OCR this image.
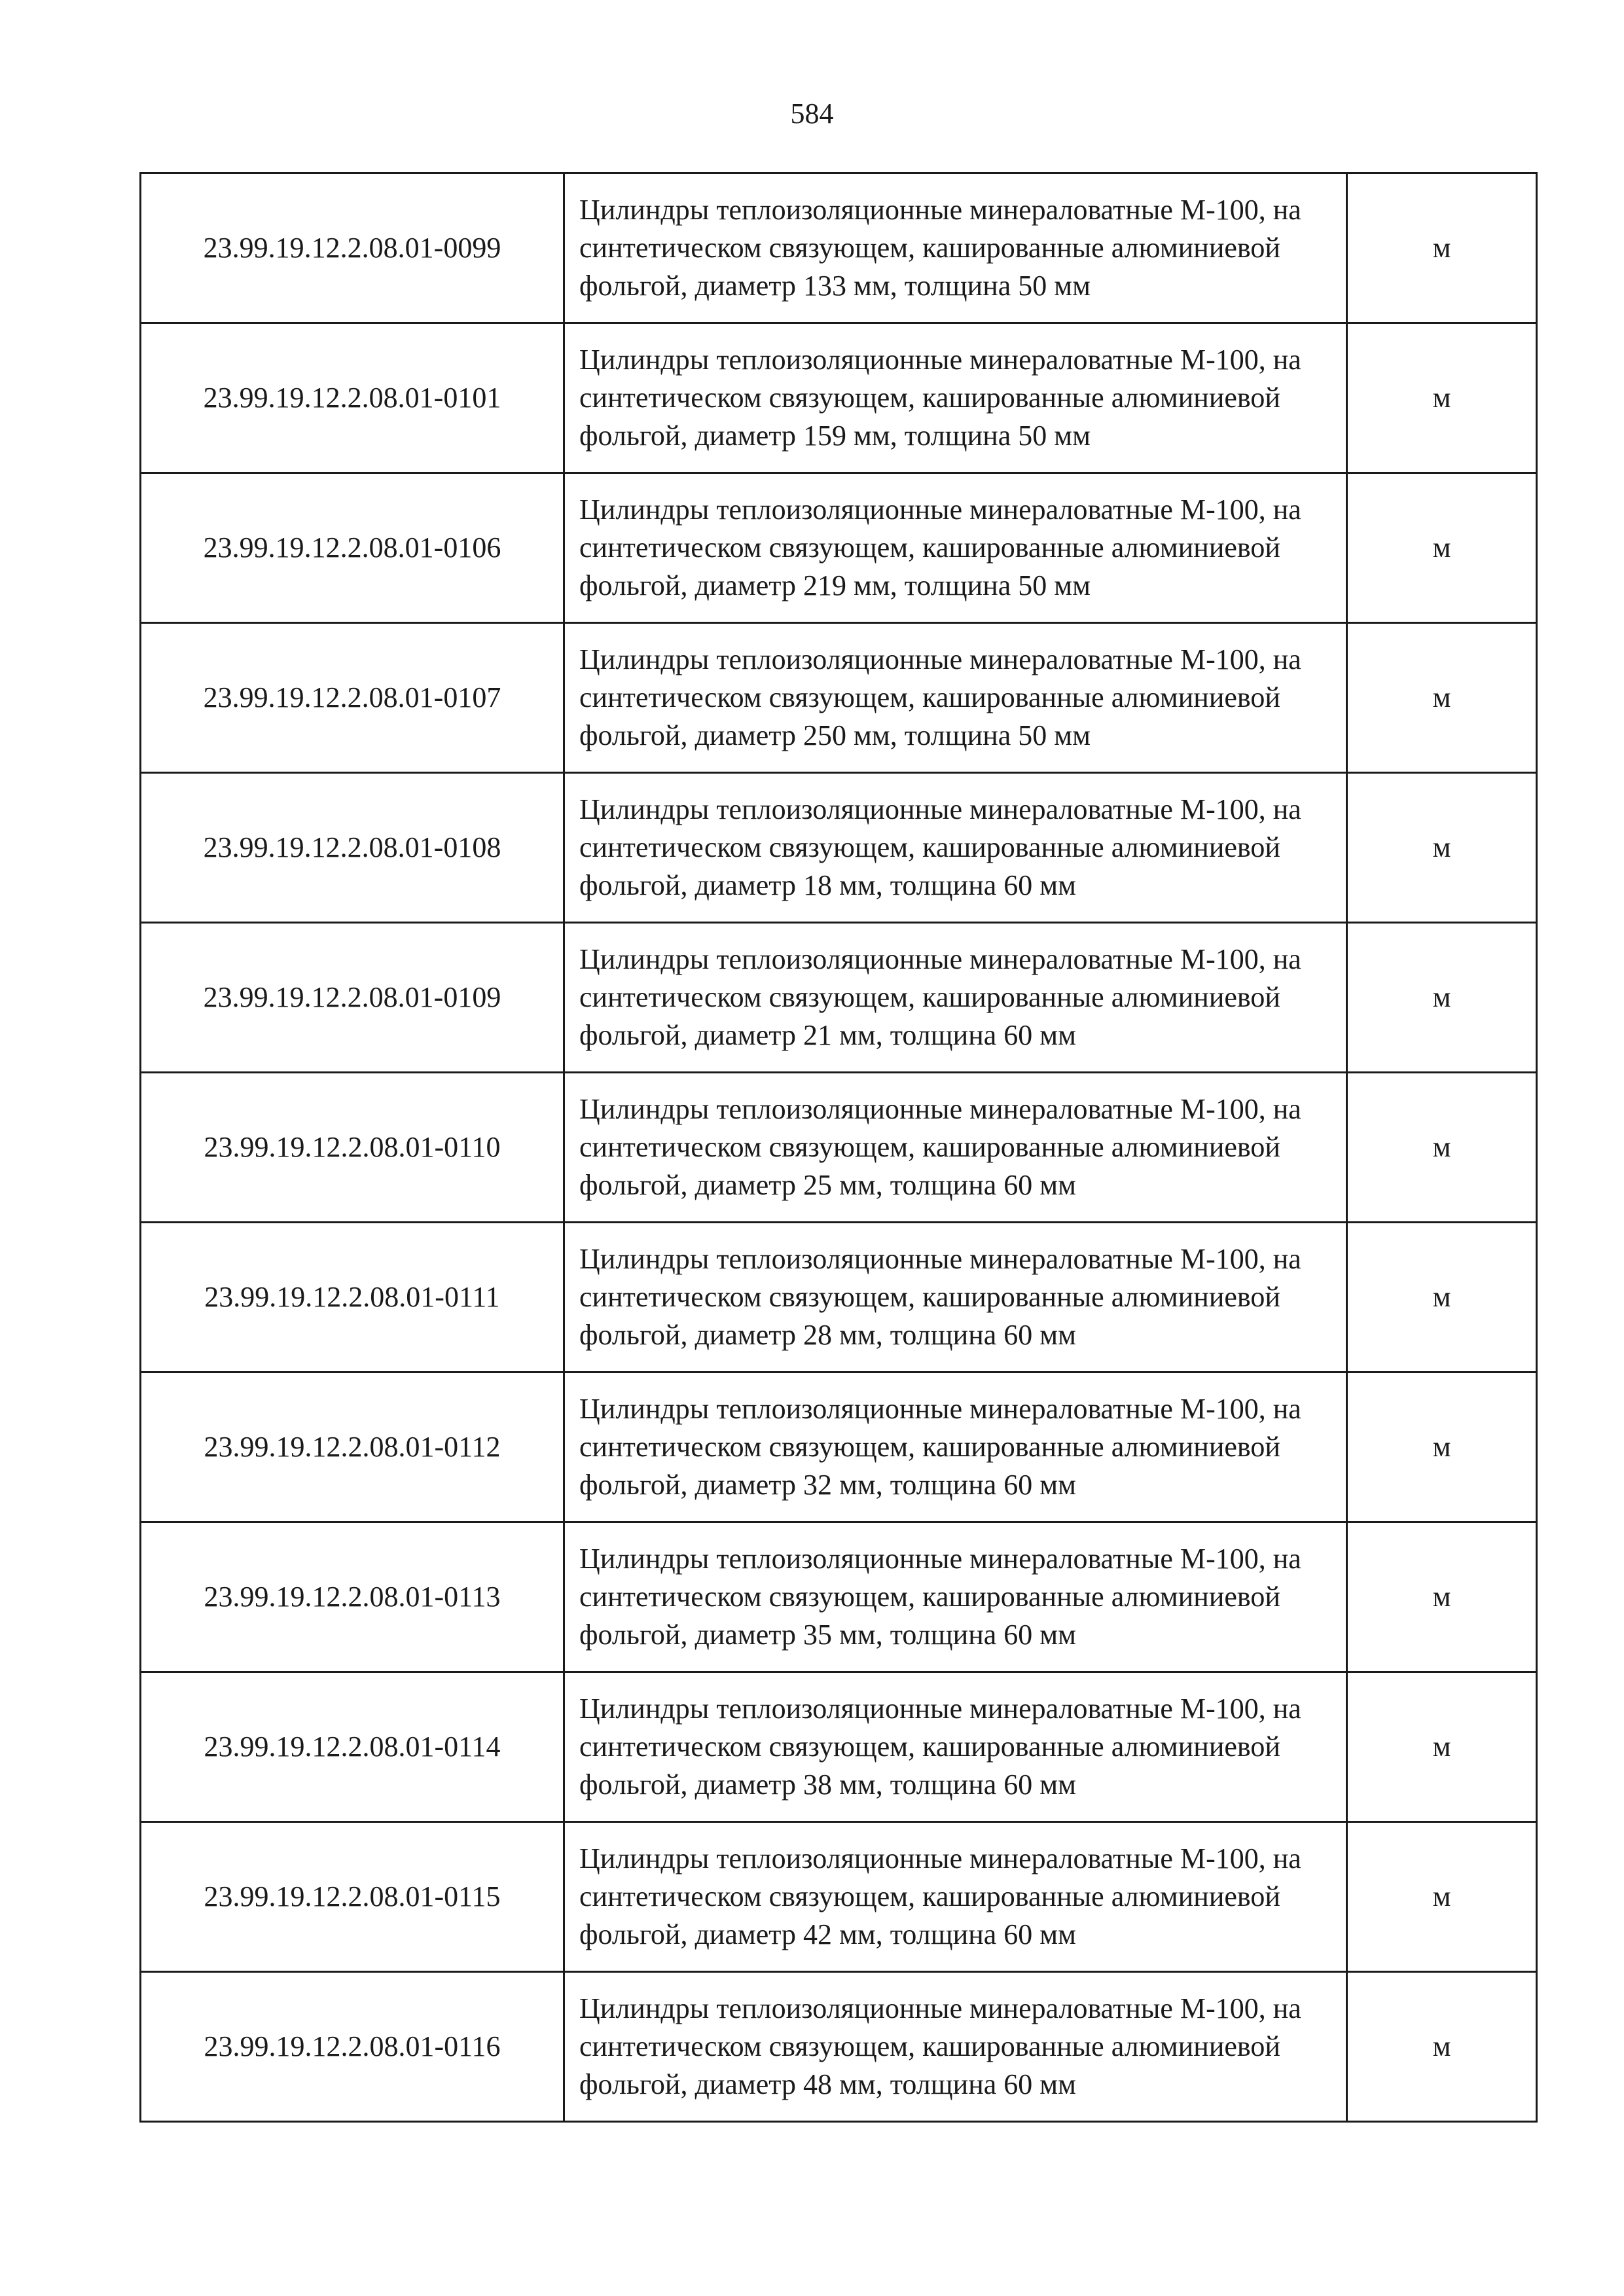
584
23.99.19.12.2.08.01-0099	Цилиндры теплоизоляционные минераловатные М-100, на синтетическом связующем, кашированные алюминиевой фольгой, диаметр 133 мм, толщина 50 мм	м
23.99.19.12.2.08.01-0101	Цилиндры теплоизоляционные минераловатные М-100, на синтетическом связующем, кашированные алюминиевой фольгой, диаметр 159 мм, толщина 50 мм	м
23.99.19.12.2.08.01-0106	Цилиндры теплоизоляционные минераловатные М-100, на синтетическом связующем, кашированные алюминиевой фольгой, диаметр 219 мм, толщина 50 мм	м
23.99.19.12.2.08.01-0107	Цилиндры теплоизоляционные минераловатные М-100, на синтетическом связующем, кашированные алюминиевой фольгой, диаметр 250 мм, толщина 50 мм	м
23.99.19.12.2.08.01-0108	Цилиндры теплоизоляционные минераловатные М-100, на синтетическом связующем, кашированные алюминиевой фольгой, диаметр 18 мм, толщина 60 мм	м
23.99.19.12.2.08.01-0109	Цилиндры теплоизоляционные минераловатные М-100, на синтетическом связующем, кашированные алюминиевой фольгой, диаметр 21 мм, толщина 60 мм	м
23.99.19.12.2.08.01-0110	Цилиндры теплоизоляционные минераловатные М-100, на синтетическом связующем, кашированные алюминиевой фольгой, диаметр 25 мм, толщина 60 мм	м
23.99.19.12.2.08.01-0111	Цилиндры теплоизоляционные минераловатные М-100, на синтетическом связующем, кашированные алюминиевой фольгой, диаметр 28 мм, толщина 60 мм	м
23.99.19.12.2.08.01-0112	Цилиндры теплоизоляционные минераловатные М-100, на синтетическом связующем, кашированные алюминиевой фольгой, диаметр 32 мм, толщина 60 мм	м
23.99.19.12.2.08.01-0113	Цилиндры теплоизоляционные минераловатные М-100, на синтетическом связующем, кашированные алюминиевой фольгой, диаметр 35 мм, толщина 60 мм	м
23.99.19.12.2.08.01-0114	Цилиндры теплоизоляционные минераловатные М-100, на синтетическом связующем, кашированные алюминиевой фольгой, диаметр 38 мм, толщина 60 мм	м
23.99.19.12.2.08.01-0115	Цилиндры теплоизоляционные минераловатные М-100, на синтетическом связующем, кашированные алюминиевой фольгой, диаметр 42 мм, толщина 60 мм	м
23.99.19.12.2.08.01-0116	Цилиндры теплоизоляционные минераловатные М-100, на синтетическом связующем, кашированные алюминиевой фольгой, диаметр 48 мм, толщина 60 мм	м
